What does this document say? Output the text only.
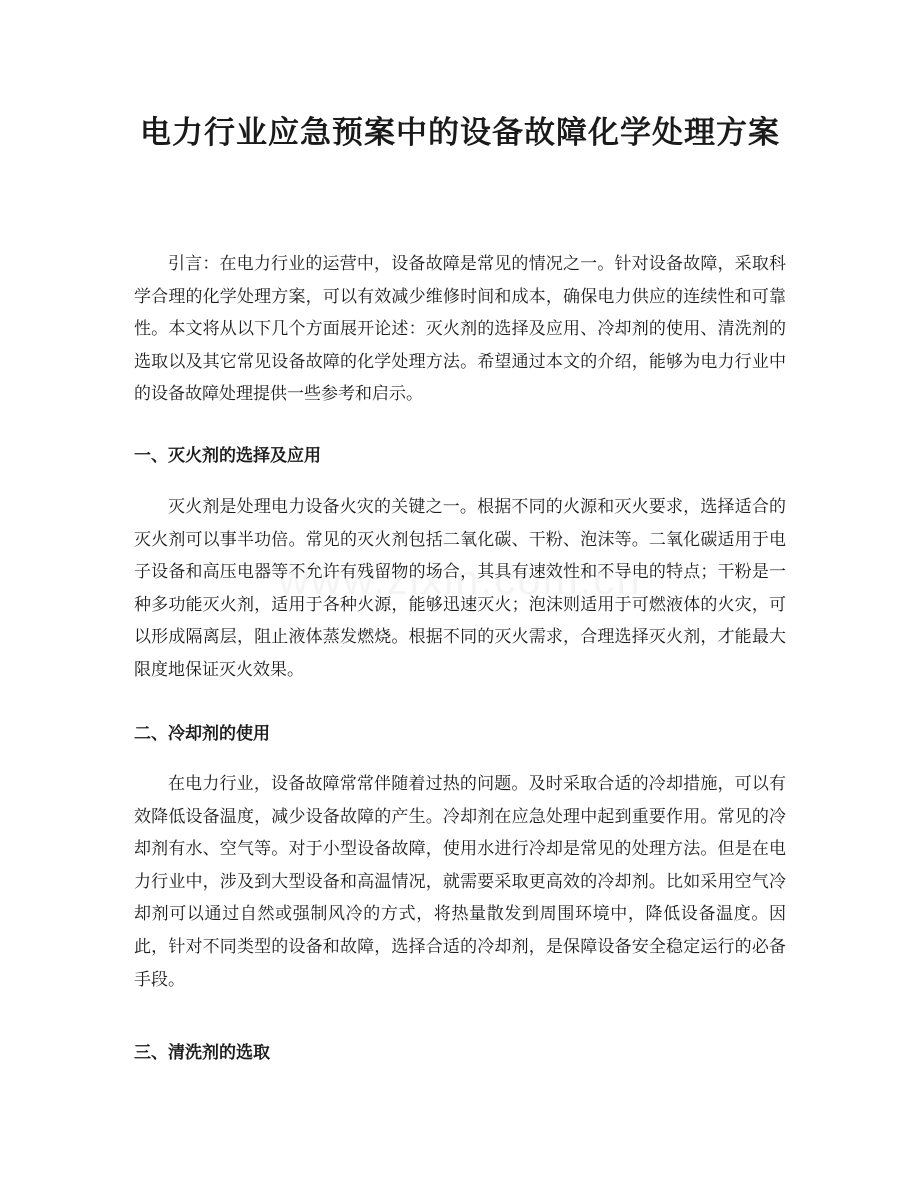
电力行业应急预案中的设备故障化学处理方案

引言：在电力行业的运营中，设备故障是常见的情况之一。针对设备故障，采取科学合理的化学处理方案，可以有效减少维修时间和成本，确保电力供应的连续性和可靠性。本文将从以下几个方面展开论述：灭火剂的选择及应用、冷却剂的使用、清洗剂的选取以及其它常见设备故障的化学处理方法。希望通过本文的介绍，能够为电力行业中的设备故障处理提供一些参考和启示。

一、灭火剂的选择及应用

灭火剂是处理电力设备火灾的关键之一。根据不同的火源和灭火要求，选择适合的灭火剂可以事半功倍。常见的灭火剂包括二氧化碳、干粉、泡沫等。二氧化碳适用于电子设备和高压电器等不允许有残留物的场合，其具有速效性和不导电的特点；干粉是一种多功能灭火剂，适用于各种火源，能够迅速灭火；泡沫则适用于可燃液体的火灾，可以形成隔离层，阻止液体蒸发燃烧。根据不同的灭火需求，合理选择灭火剂，才能最大限度地保证灭火效果。

二、冷却剂的使用

在电力行业，设备故障常常伴随着过热的问题。及时采取合适的冷却措施，可以有效降低设备温度，减少设备故障的产生。冷却剂在应急处理中起到重要作用。常见的冷却剂有水、空气等。对于小型设备故障，使用水进行冷却是常见的处理方法。但是在电力行业中，涉及到大型设备和高温情况，就需要采取更高效的冷却剂。比如采用空气冷却剂可以通过自然或强制风冷的方式，将热量散发到周围环境中，降低设备温度。因此，针对不同类型的设备和故障，选择合适的冷却剂，是保障设备安全稳定运行的必备手段。

三、清洗剂的选取
